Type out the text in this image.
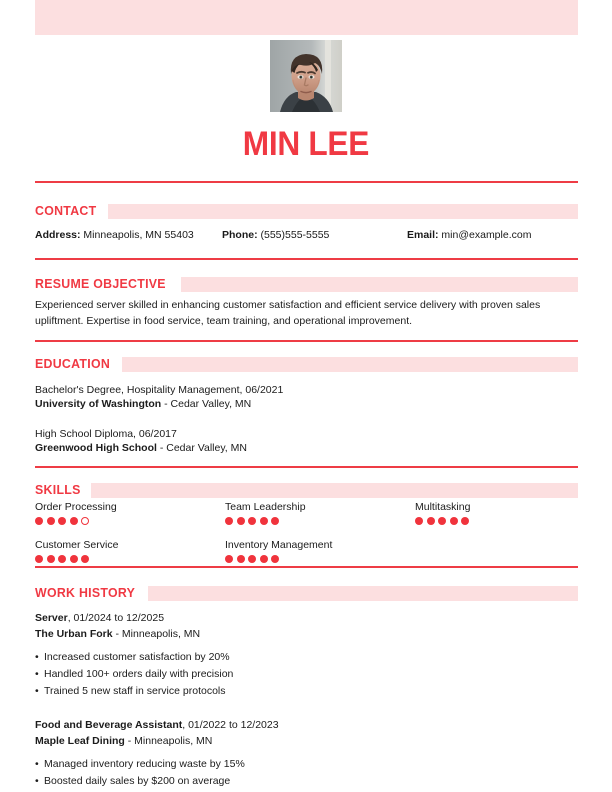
MIN LEE
CONTACT
Address: Minneapolis, MN 55403	Phone: (555)555-5555	Email: min@example.com
RESUME OBJECTIVE
Experienced server skilled in enhancing customer satisfaction and efficient service delivery with proven sales upliftment. Expertise in food service, team training, and operational improvement.
EDUCATION
Bachelor's Degree, Hospitality Management, 06/2021
University of Washington - Cedar Valley, MN
High School Diploma, 06/2017
Greenwood High School - Cedar Valley, MN
SKILLS
Order Processing	Team Leadership	Multitasking
Customer Service	Inventory Management
WORK HISTORY
Server, 01/2024 to 12/2025
The Urban Fork - Minneapolis, MN
• Increased customer satisfaction by 20%
• Handled 100+ orders daily with precision
• Trained 5 new staff in service protocols
Food and Beverage Assistant, 01/2022 to 12/2023
Maple Leaf Dining - Minneapolis, MN
• Managed inventory reducing waste by 15%
• Boosted daily sales by $200 on average
